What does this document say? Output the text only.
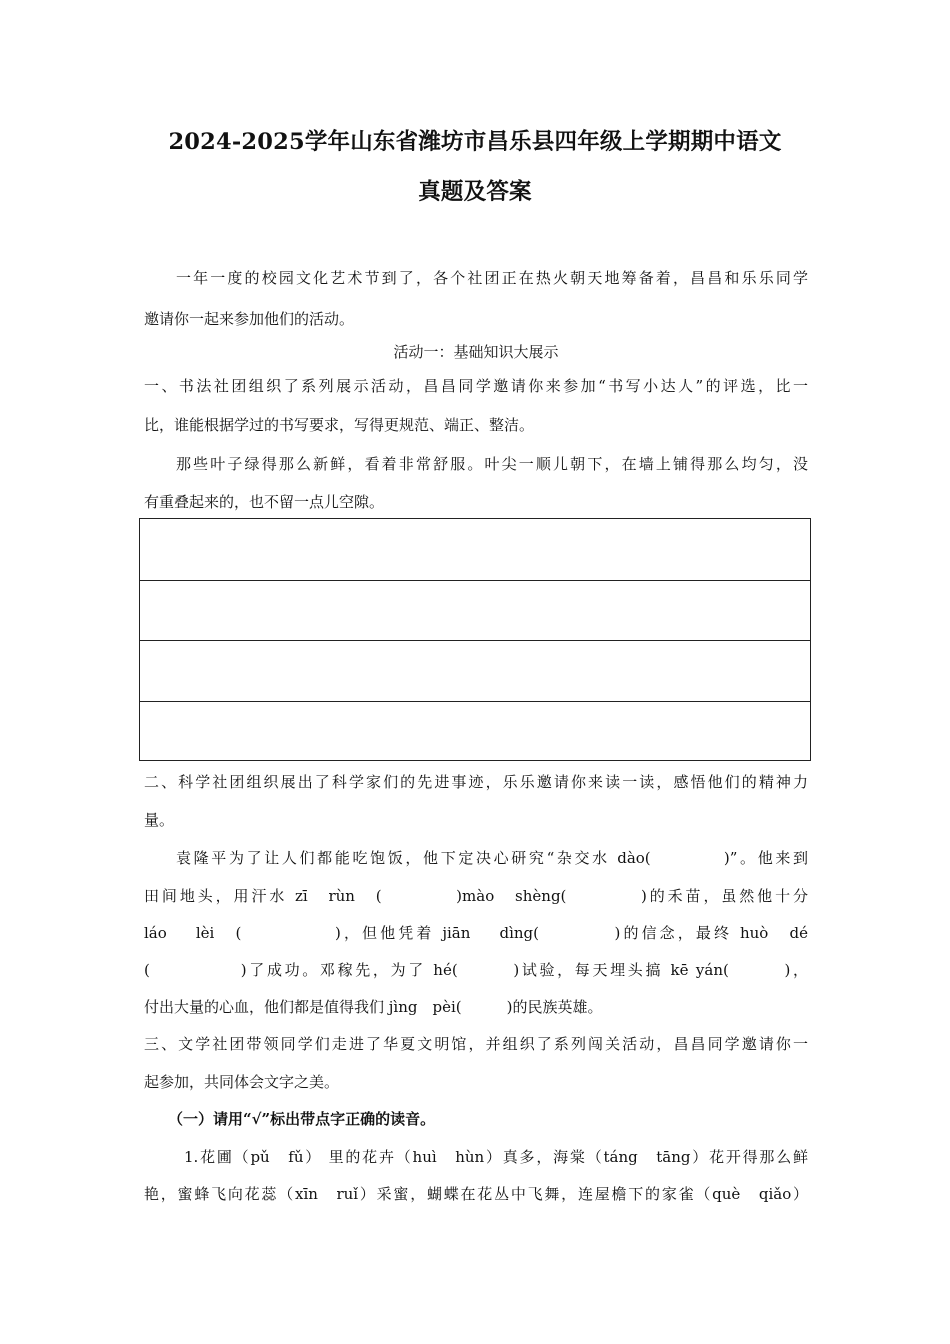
2024-2025学年山东省潍坊市昌乐县四年级上学期期中语文
真题及答案
一年一度的校园文化艺术节到了，各个社团正在热火朝天地筹备着，昌昌和乐乐同学
邀请你一起来参加他们的活动。
活动一：基础知识大展示
一、书法社团组织了系列展示活动，昌昌同学邀请你来参加“书写小达人”的评选，比一
比，谁能根据学过的书写要求，写得更规范、端正、整洁。
那些叶子绿得那么新鲜，看着非常舒服。叶尖一顺儿朝下，在墙上铺得那么均匀，没
有重叠起来的，也不留一点儿空隙。
二、科学社团组织展出了科学家们的先进事迹，乐乐邀请你来读一读，感悟他们的精神力
量。
袁隆平为了让人们都能吃饱饭，他下定决心研究“杂交水 dào(　　　　)”。他来到
田间地头，用汗水 zī　rùn　(　　　　)mào　shèng(　　　　)的禾苗，虽然他十分
láo　 lèi　(　　　　　)，但他凭着 jiān　 dìng(　　　　)的信念，最终 huò　dé
(　　　　　)了成功。邓稼先，为了 hé(　　　)试验，每天埋头搞 kē yán(　　　)，
付出大量的心血，他们都是值得我们 jìng　pèi(　　　)的民族英雄。
三、文学社团带领同学们走进了华夏文明馆，并组织了系列闯关活动，昌昌同学邀请你一
起参加，共同体会文字之美。
（一）请用“√”标出带点字正确的读音。
1.花圃（pǔ　fǔ） 里的花卉（huì　hùn）真多，海棠（táng　tāng）花开得那么鲜
艳，蜜蜂飞向花蕊（xīn　ruǐ）采蜜，蝴蝶在花丛中飞舞，连屋檐下的家雀（què　qiǎo）
